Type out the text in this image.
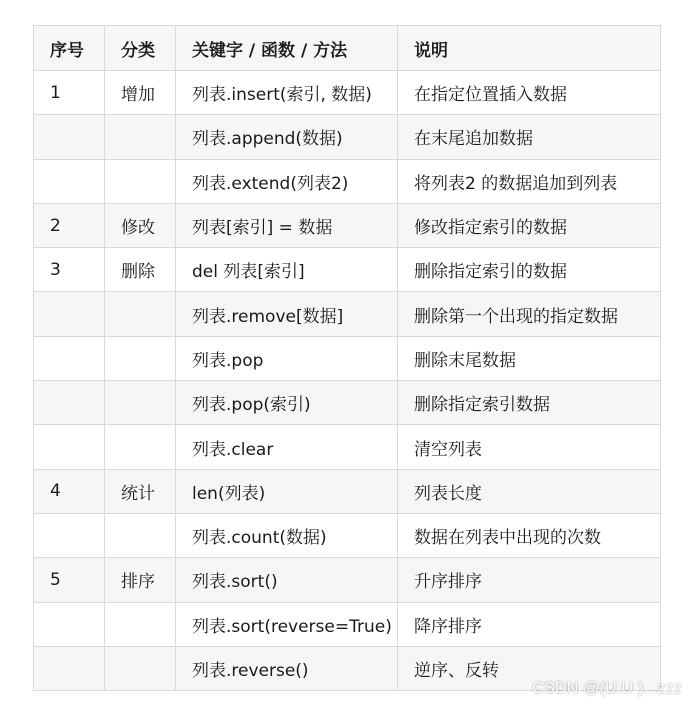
序号	分类	关键字 / 函数 / 方法	说明
1	增加	列表.insert(索引, 数据)	在指定位置插入数据
		列表.append(数据)	在末尾追加数据
		列表.extend(列表2)	将列表2 的数据追加到列表
2	修改	列表[索引] = 数据	修改指定索引的数据
3	删除	del 列表[索引]	删除指定索引的数据
		列表.remove[数据]	删除第一个出现的指定数据
		列表.pop	删除末尾数据
		列表.pop(索引)	删除指定索引数据
		列表.clear	清空列表
4	统计	len(列表)	列表长度
		列表.count(数据)	数据在列表中出现的次数
5	排序	列表.sort()	升序排序
		列表.sort(reverse=True)	降序排序
		列表.reverse()	逆序、反转
CSDN @(U.U )...zzz
